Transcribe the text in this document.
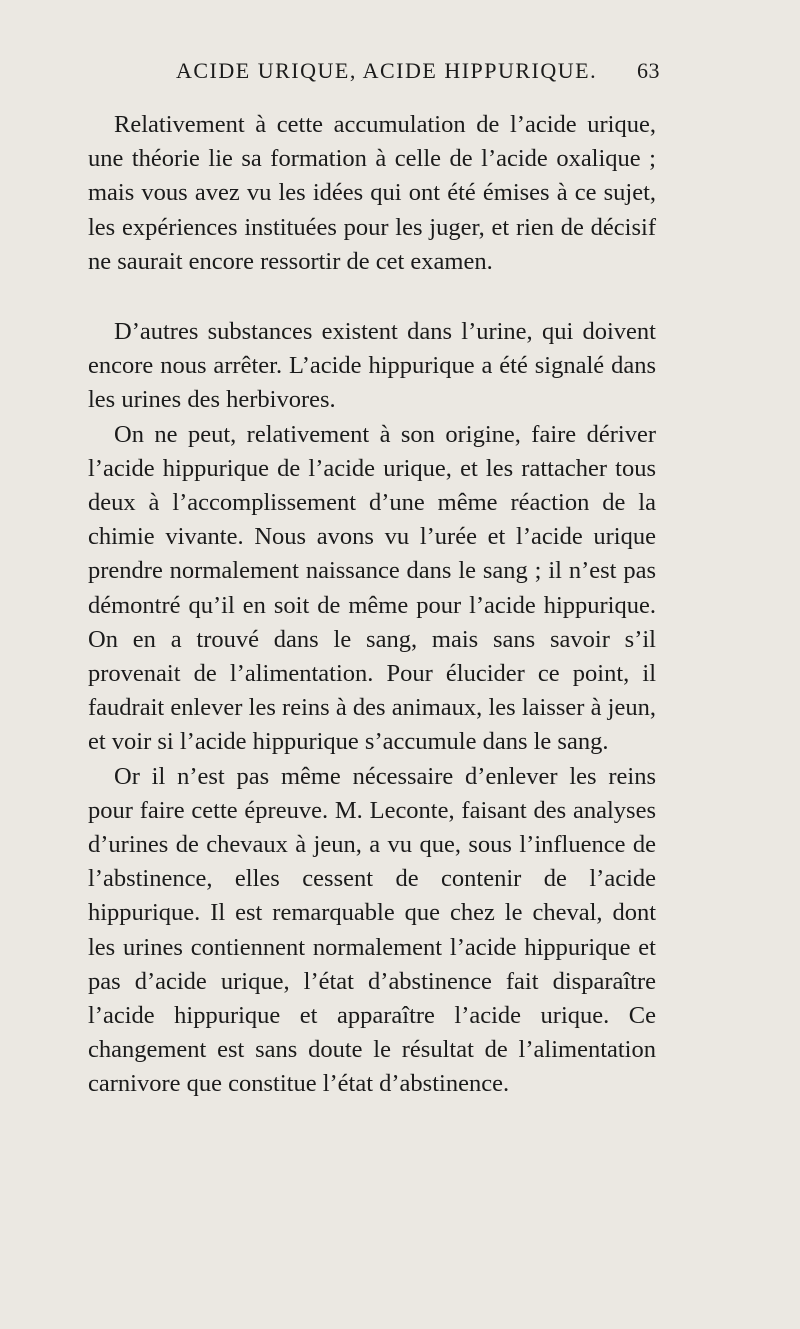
ACIDE URIQUE, ACIDE HIPPURIQUE. 63

Relativement à cette accumulation de l’acide urique, une théorie lie sa formation à celle de l’acide oxalique ; mais vous avez vu les idées qui ont été émises à ce sujet, les expériences instituées pour les juger, et rien de décisif ne saurait encore ressortir de cet examen.

D’autres substances existent dans l’urine, qui doivent encore nous arrêter. L’acide hippurique a été signalé dans les urines des herbivores.

On ne peut, relativement à son origine, faire dériver l’acide hippurique de l’acide urique, et les rattacher tous deux à l’accomplissement d’une même réaction de la chimie vivante. Nous avons vu l’urée et l’acide urique prendre normalement naissance dans le sang ; il n’est pas démontré qu’il en soit de même pour l’acide hippurique. On en a trouvé dans le sang, mais sans savoir s’il provenait de l’alimentation. Pour élucider ce point, il faudrait enlever les reins à des animaux, les laisser à jeun, et voir si l’acide hippurique s’accumule dans le sang.

Or il n’est pas même nécessaire d’enlever les reins pour faire cette épreuve. M. Leconte, faisant des analyses d’urines de chevaux à jeun, a vu que, sous l’influence de l’abstinence, elles cessent de contenir de l’acide hippurique. Il est remarquable que chez le cheval, dont les urines contiennent normalement l’acide hippurique et pas d’acide urique, l’état d’abstinence fait disparaître l’acide hippurique et apparaître l’acide urique. Ce changement est sans doute le résultat de l’alimentation carnivore que constitue l’état d’abstinence.
